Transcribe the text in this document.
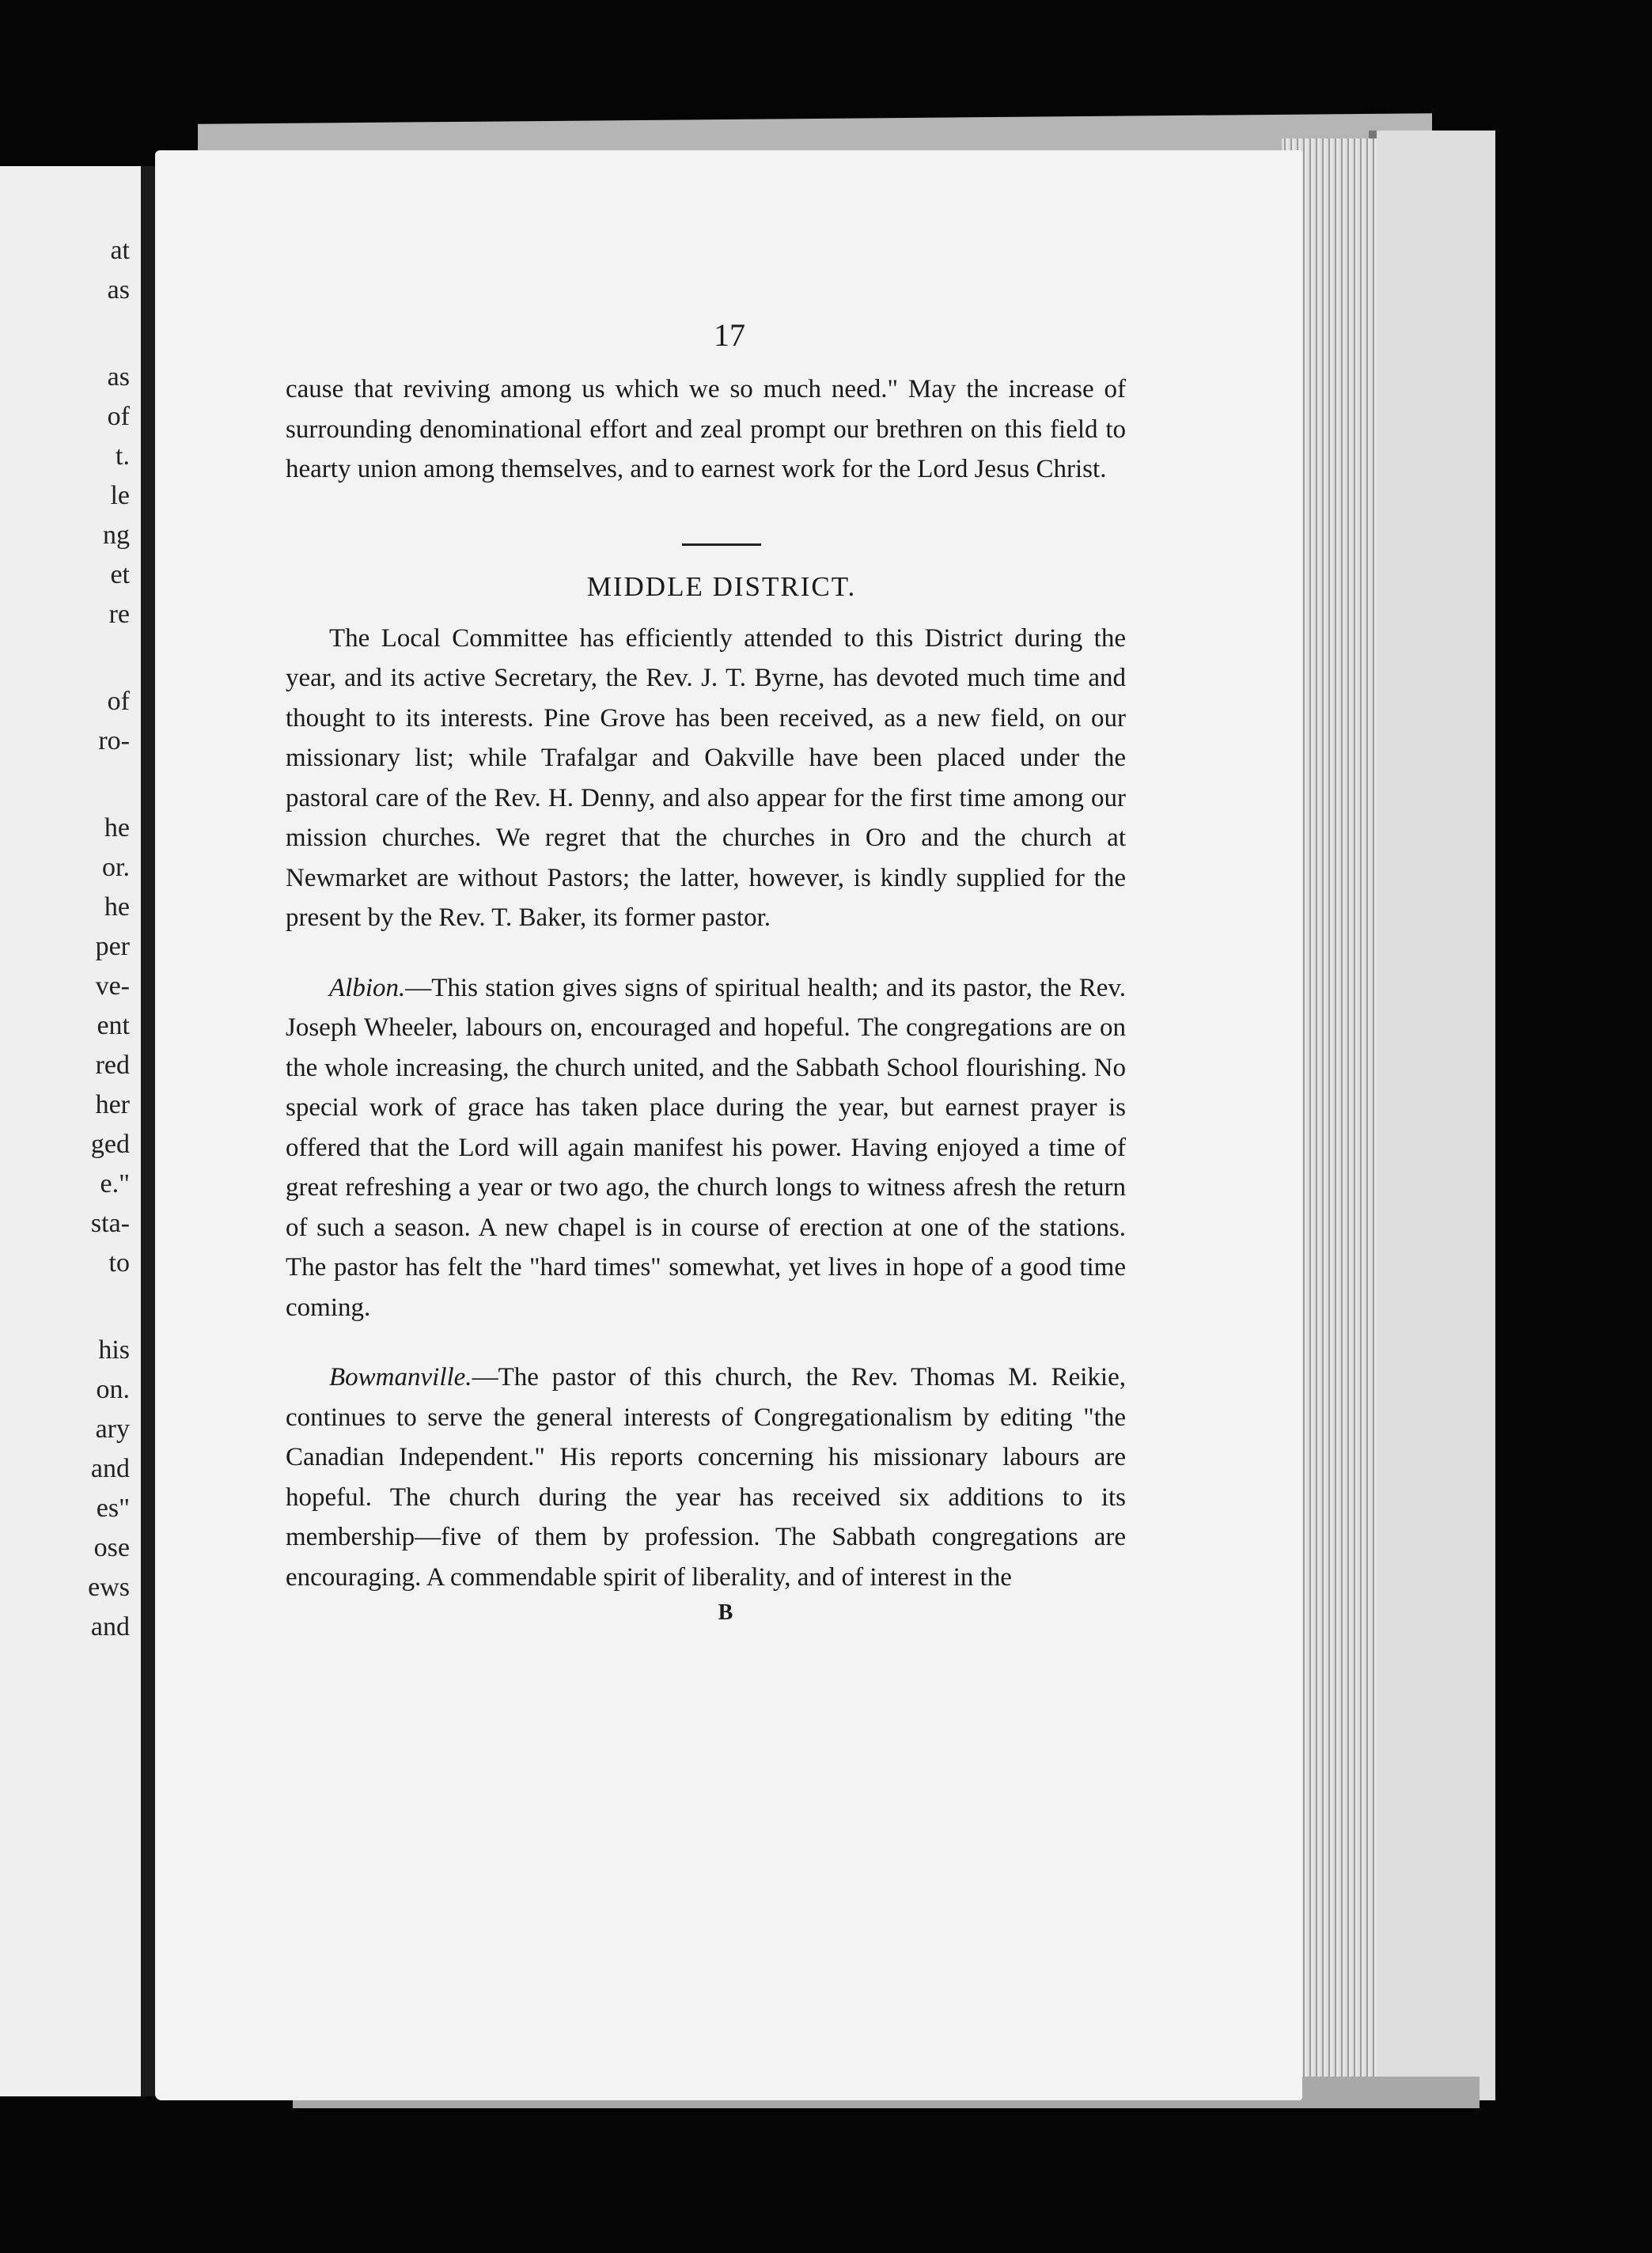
at
as
as
of
t.
le
ng
et
re
of
ro-
he
or.
he
per
ve-
ent
red
her
ged
e."
sta-
to
his
on.
ary
and
es"
ose
ews
and
17

cause that reviving among us which we so much need." May the increase of surrounding denominational effort and zeal prompt our brethren on this field to hearty union among themselves, and to earnest work for the Lord Jesus Christ.

MIDDLE DISTRICT.

The Local Committee has efficiently attended to this District during the year, and its active Secretary, the Rev. J. T. Byrne, has devoted much time and thought to its interests. Pine Grove has been received, as a new field, on our missionary list; while Trafalgar and Oakville have been placed under the pastoral care of the Rev. H. Denny, and also appear for the first time among our mission churches. We regret that the churches in Oro and the church at Newmarket are without Pastors; the latter, however, is kindly supplied for the present by the Rev. T. Baker, its former pastor.

Albion.—This station gives signs of spiritual health; and its pastor, the Rev. Joseph Wheeler, labours on, encouraged and hopeful. The congregations are on the whole increasing, the church united, and the Sabbath School flourishing. No special work of grace has taken place during the year, but earnest prayer is offered that the Lord will again manifest his power. Having enjoyed a time of great refreshing a year or two ago, the church longs to witness afresh the return of such a season. A new chapel is in course of erection at one of the stations. The pastor has felt the "hard times" somewhat, yet lives in hope of a good time coming.

Bowmanville.—The pastor of this church, the Rev. Thomas M. Reikie, continues to serve the general interests of Congregationalism by editing "the Canadian Independent." His reports concerning his missionary labours are hopeful. The church during the year has received six additions to its membership—five of them by profession. The Sabbath congregations are encouraging. A commendable spirit of liberality, and of interest in the

B
